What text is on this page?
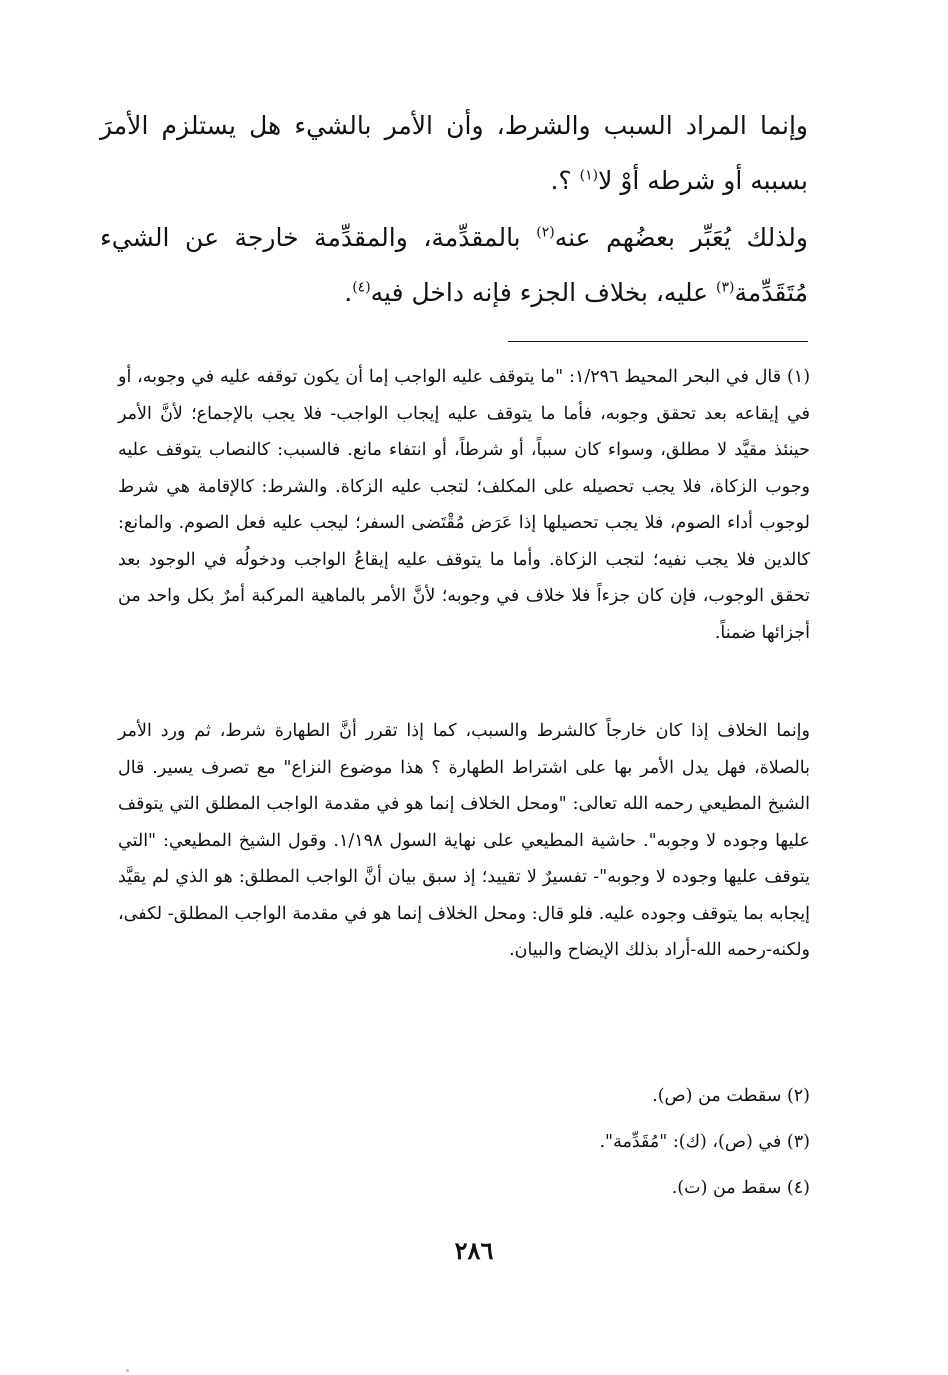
وإنما المراد السبب والشرط، وأن الأمر بالشيء هل يستلزم الأمرَ بسببه أو شرطه أوْ لا$^{(١)}$ ؟.
ولذلك يُعَبِّر بعضُهم عنه$^{(٢)}$ بالمقدِّمة، والمقدِّمة خارجة عن الشيء مُتَقَدِّمة$^{(٣)}$ عليه، بخلاف الجزء فإنه داخل فيه$^{(٤)}$.
(١) قال في البحر المحيط ١/٢٩٦: "ما يتوقف عليه الواجب إما أن يكون توقفه عليه في وجوبه، أو في إيقاعه بعد تحقق وجوبه، فأما ما يتوقف عليه إيجاب الواجب- فلا يجب بالإجماع؛ لأنَّ الأمر حينئذ مقيَّد لا مطلق، وسواء كان سبباً، أو شرطاً، أو انتفاء مانع. فالسبب: كالنصاب يتوقف عليه وجوب الزكاة، فلا يجب تحصيله على المكلف؛ لتجب عليه الزكاة. والشرط: كالإقامة هي شرط لوجوب أداء الصوم، فلا يجب تحصيلها إذا عَرَض مُقْتَضى السفر؛ ليجب عليه فعل الصوم. والمانع: كالدين فلا يجب نفيه؛ لتجب الزكاة. وأما ما يتوقف عليه إيقاعُ الواجب ودخولُه في الوجود بعد تحقق الوجوب، فإن كان جزءاً فلا خلاف في وجوبه؛ لأنَّ الأمر بالماهية المركبة أمرٌ بكل واحد من أجزائها ضمناً.
وإنما الخلاف إذا كان خارجاً كالشرط والسبب، كما إذا تقرر أنَّ الطهارة شرط، ثم ورد الأمر بالصلاة، فهل يدل الأمر بها على اشتراط الطهارة ؟ هذا موضوع النزاع" مع تصرف يسير. قال الشيخ المطيعي رحمه الله تعالى: "ومحل الخلاف إنما هو في مقدمة الواجب المطلق التي يتوقف عليها وجوده لا وجوبه". حاشية المطيعي على نهاية السول ١/١٩٨. وقول الشيخ المطيعي: "التي يتوقف عليها وجوده لا وجوبه"- تفسيرٌ لا تقييد؛ إذ سبق بيان أنَّ الواجب المطلق: هو الذي لم يقيَّد إيجابه بما يتوقف وجوده عليه. فلو قال: ومحل الخلاف إنما هو في مقدمة الواجب المطلق- لكفى، ولكنه-رحمه الله-أراد بذلك الإيضاح والبيان.
(٢) سقطت من (ص).
(٣) في (ص)، (ك): "مُقَدِّمة".
(٤) سقط من (ت).
٢٨٦
